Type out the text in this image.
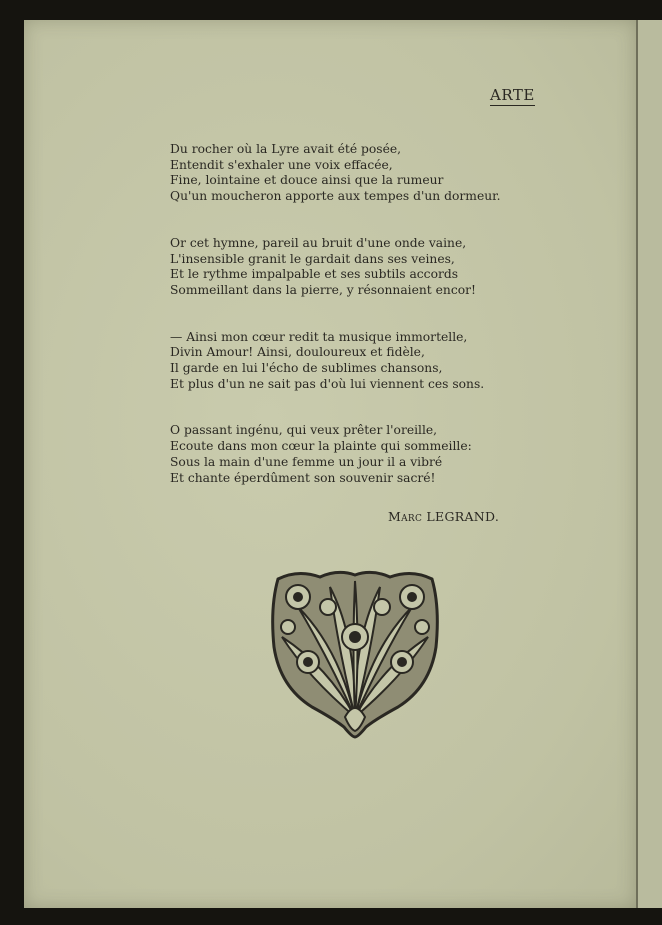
ARTE
Du rocher où la Lyre avait été posée,
Entendit s'exhaler une voix effacée,
Fine, lointaine et douce ainsi que la rumeur
Qu'un moucheron apporte aux tempes d'un dormeur.
Or cet hymne, pareil au bruit d'une onde vaine,
L'insensible granit le gardait dans ses veines,
Et le rythme impalpable et ses subtils accords
Sommeillant dans la pierre, y résonnaient encor!
— Ainsi mon cœur redit ta musique immortelle,
Divin Amour! Ainsi, douloureux et fidèle,
Il garde en lui l'écho de sublimes chansons,
Et plus d'un ne sait pas d'où lui viennent ces sons.
O passant ingénu, qui veux prêter l'oreille,
Ecoute dans mon cœur la plainte qui sommeille:
Sous la main d'une femme un jour il a vibré
Et chante éperdûment son souvenir sacré!
Marc LEGRAND.
